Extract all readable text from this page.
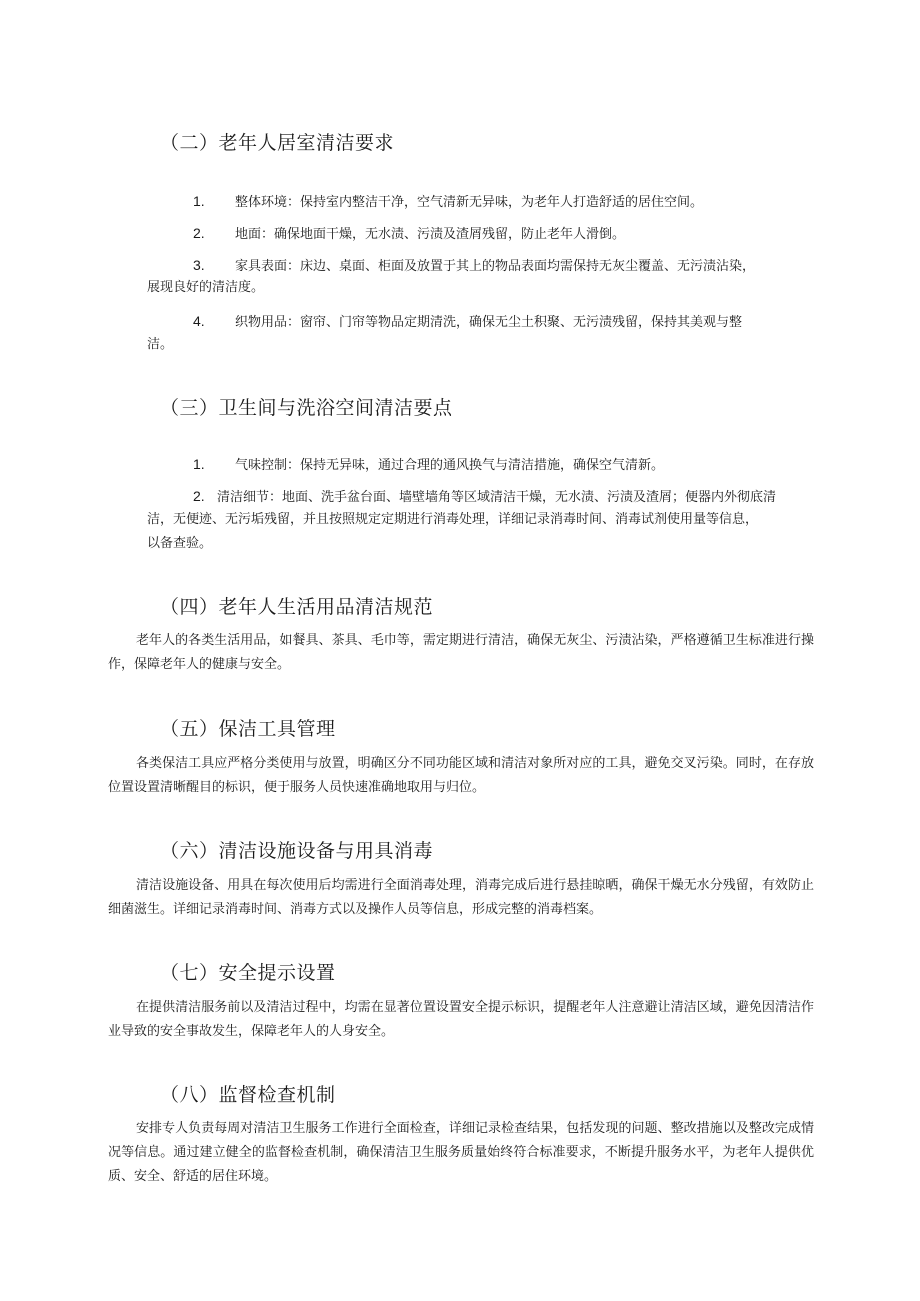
（二）老年人居室清洁要求
1. 整体环境：保持室内整洁干净，空气清新无异味，为老年人打造舒适的居住空间。
2. 地面：确保地面干燥，无水渍、污渍及渣屑残留，防止老年人滑倒。
3. 家具表面：床边、桌面、柜面及放置于其上的物品表面均需保持无灰尘覆盖、无污渍沾染，
展现良好的清洁度。
4. 织物用品：窗帘、门帘等物品定期清洗，确保无尘土积聚、无污渍残留，保持其美观与整
洁。
（三）卫生间与洗浴空间清洁要点
1. 气味控制：保持无异味，通过合理的通风换气与清洁措施，确保空气清新。
2. 清洁细节：地面、洗手盆台面、墙壁墙角等区域清洁干燥，无水渍、污渍及渣屑；便器内外彻底清
洁，无便迹、无污垢残留，并且按照规定定期进行消毒处理，详细记录消毒时间、消毒试剂使用量等信息，
以备查验。
（四）老年人生活用品清洁规范
老年人的各类生活用品，如餐具、茶具、毛巾等，需定期进行清洁，确保无灰尘、污渍沾染，严格遵循卫生标准进行操作，保障老年人的健康与安全。
（五）保洁工具管理
各类保洁工具应严格分类使用与放置，明确区分不同功能区域和清洁对象所对应的工具，避免交叉污染。同时，在存放位置设置清晰醒目的标识，便于服务人员快速准确地取用与归位。
（六）清洁设施设备与用具消毒
清洁设施设备、用具在每次使用后均需进行全面消毒处理，消毒完成后进行悬挂晾晒，确保干燥无水分残留，有效防止细菌滋生。详细记录消毒时间、消毒方式以及操作人员等信息，形成完整的消毒档案。
（七）安全提示设置
在提供清洁服务前以及清洁过程中，均需在显著位置设置安全提示标识，提醒老年人注意避让清洁区域，避免因清洁作业导致的安全事故发生，保障老年人的人身安全。
（八）监督检查机制
安排专人负责每周对清洁卫生服务工作进行全面检查，详细记录检查结果，包括发现的问题、整改措施以及整改完成情况等信息。通过建立健全的监督检查机制，确保清洁卫生服务质量始终符合标准要求，不断提升服务水平，为老年人提供优质、安全、舒适的居住环境。
